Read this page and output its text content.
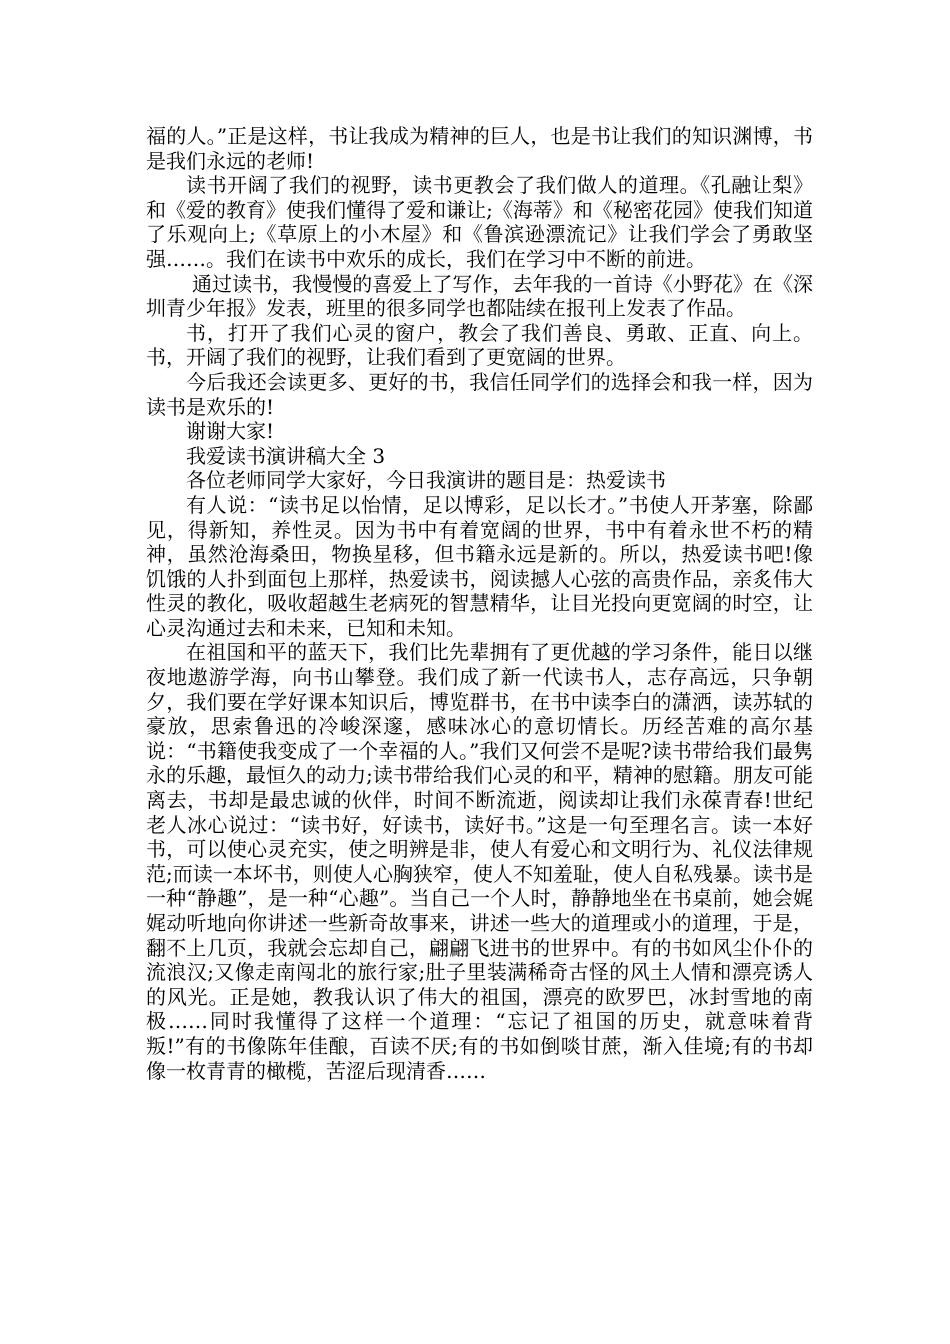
福的人。”正是这样，书让我成为精神的巨人，也是书让我们的知识渊博，书是我们永远的老师!

读书开阔了我们的视野，读书更教会了我们做人的道理。《孔融让梨》和《爱的教育》使我们懂得了爱和谦让;《海蒂》和《秘密花园》使我们知道了乐观向上;《草原上的小木屋》和《鲁滨逊漂流记》让我们学会了勇敢坚强……。我们在读书中欢乐的成长，我们在学习中不断的前进。

通过读书，我慢慢的喜爱上了写作，去年我的一首诗《小野花》在《深圳青少年报》发表，班里的很多同学也都陆续在报刊上发表了作品。

书，打开了我们心灵的窗户，教会了我们善良、勇敢、正直、向上。书，开阔了我们的视野，让我们看到了更宽阔的世界。

今后我还会读更多、更好的书，我信任同学们的选择会和我一样，因为读书是欢乐的!

谢谢大家!

我爱读书演讲稿大全 3

各位老师同学大家好，今日我演讲的题目是：热爱读书

有人说：“读书足以怡情，足以博彩，足以长才。”书使人开茅塞，除鄙见，得新知，养性灵。因为书中有着宽阔的世界，书中有着永世不朽的精神，虽然沧海桑田，物换星移，但书籍永远是新的。所以，热爱读书吧!像饥饿的人扑到面包上那样，热爱读书，阅读撼人心弦的高贵作品，亲炙伟大性灵的教化，吸收超越生老病死的智慧精华，让目光投向更宽阔的时空，让心灵沟通过去和未来，已知和未知。

在祖国和平的蓝天下，我们比先辈拥有了更优越的学习条件，能日以继夜地遨游学海，向书山攀登。我们成了新一代读书人，志存高远，只争朝夕，我们要在学好课本知识后，博览群书，在书中读李白的潇洒，读苏轼的豪放，思索鲁迅的冷峻深邃，感味冰心的意切情长。历经苦难的高尔基说：“书籍使我变成了一个幸福的人。”我们又何尝不是呢?读书带给我们最隽永的乐趣，最恒久的动力;读书带给我们心灵的和平，精神的慰籍。朋友可能离去，书却是最忠诚的伙伴，时间不断流逝，阅读却让我们永葆青春!世纪老人冰心说过：“读书好，好读书，读好书。”这是一句至理名言。读一本好书，可以使心灵充实，使之明辨是非，使人有爱心和文明行为、礼仪法律规范;而读一本坏书，则使人心胸狭窄，使人不知羞耻，使人自私残暴。读书是一种“静趣”，是一种“心趣”。当自己一个人时，静静地坐在书桌前，她会娓娓动听地向你讲述一些新奇故事来，讲述一些大的道理或小的道理，于是，翻不上几页，我就会忘却自己，翩翩飞进书的世界中。有的书如风尘仆仆的流浪汉;又像走南闯北的旅行家;肚子里装满稀奇古怪的风土人情和漂亮诱人的风光。正是她，教我认识了伟大的祖国，漂亮的欧罗巴，冰封雪地的南极……同时我懂得了这样一个道理：“忘记了祖国的历史，就意味着背叛!”有的书像陈年佳酿，百读不厌;有的书如倒啖甘蔗，渐入佳境;有的书却像一枚青青的橄榄，苦涩后现清香……
